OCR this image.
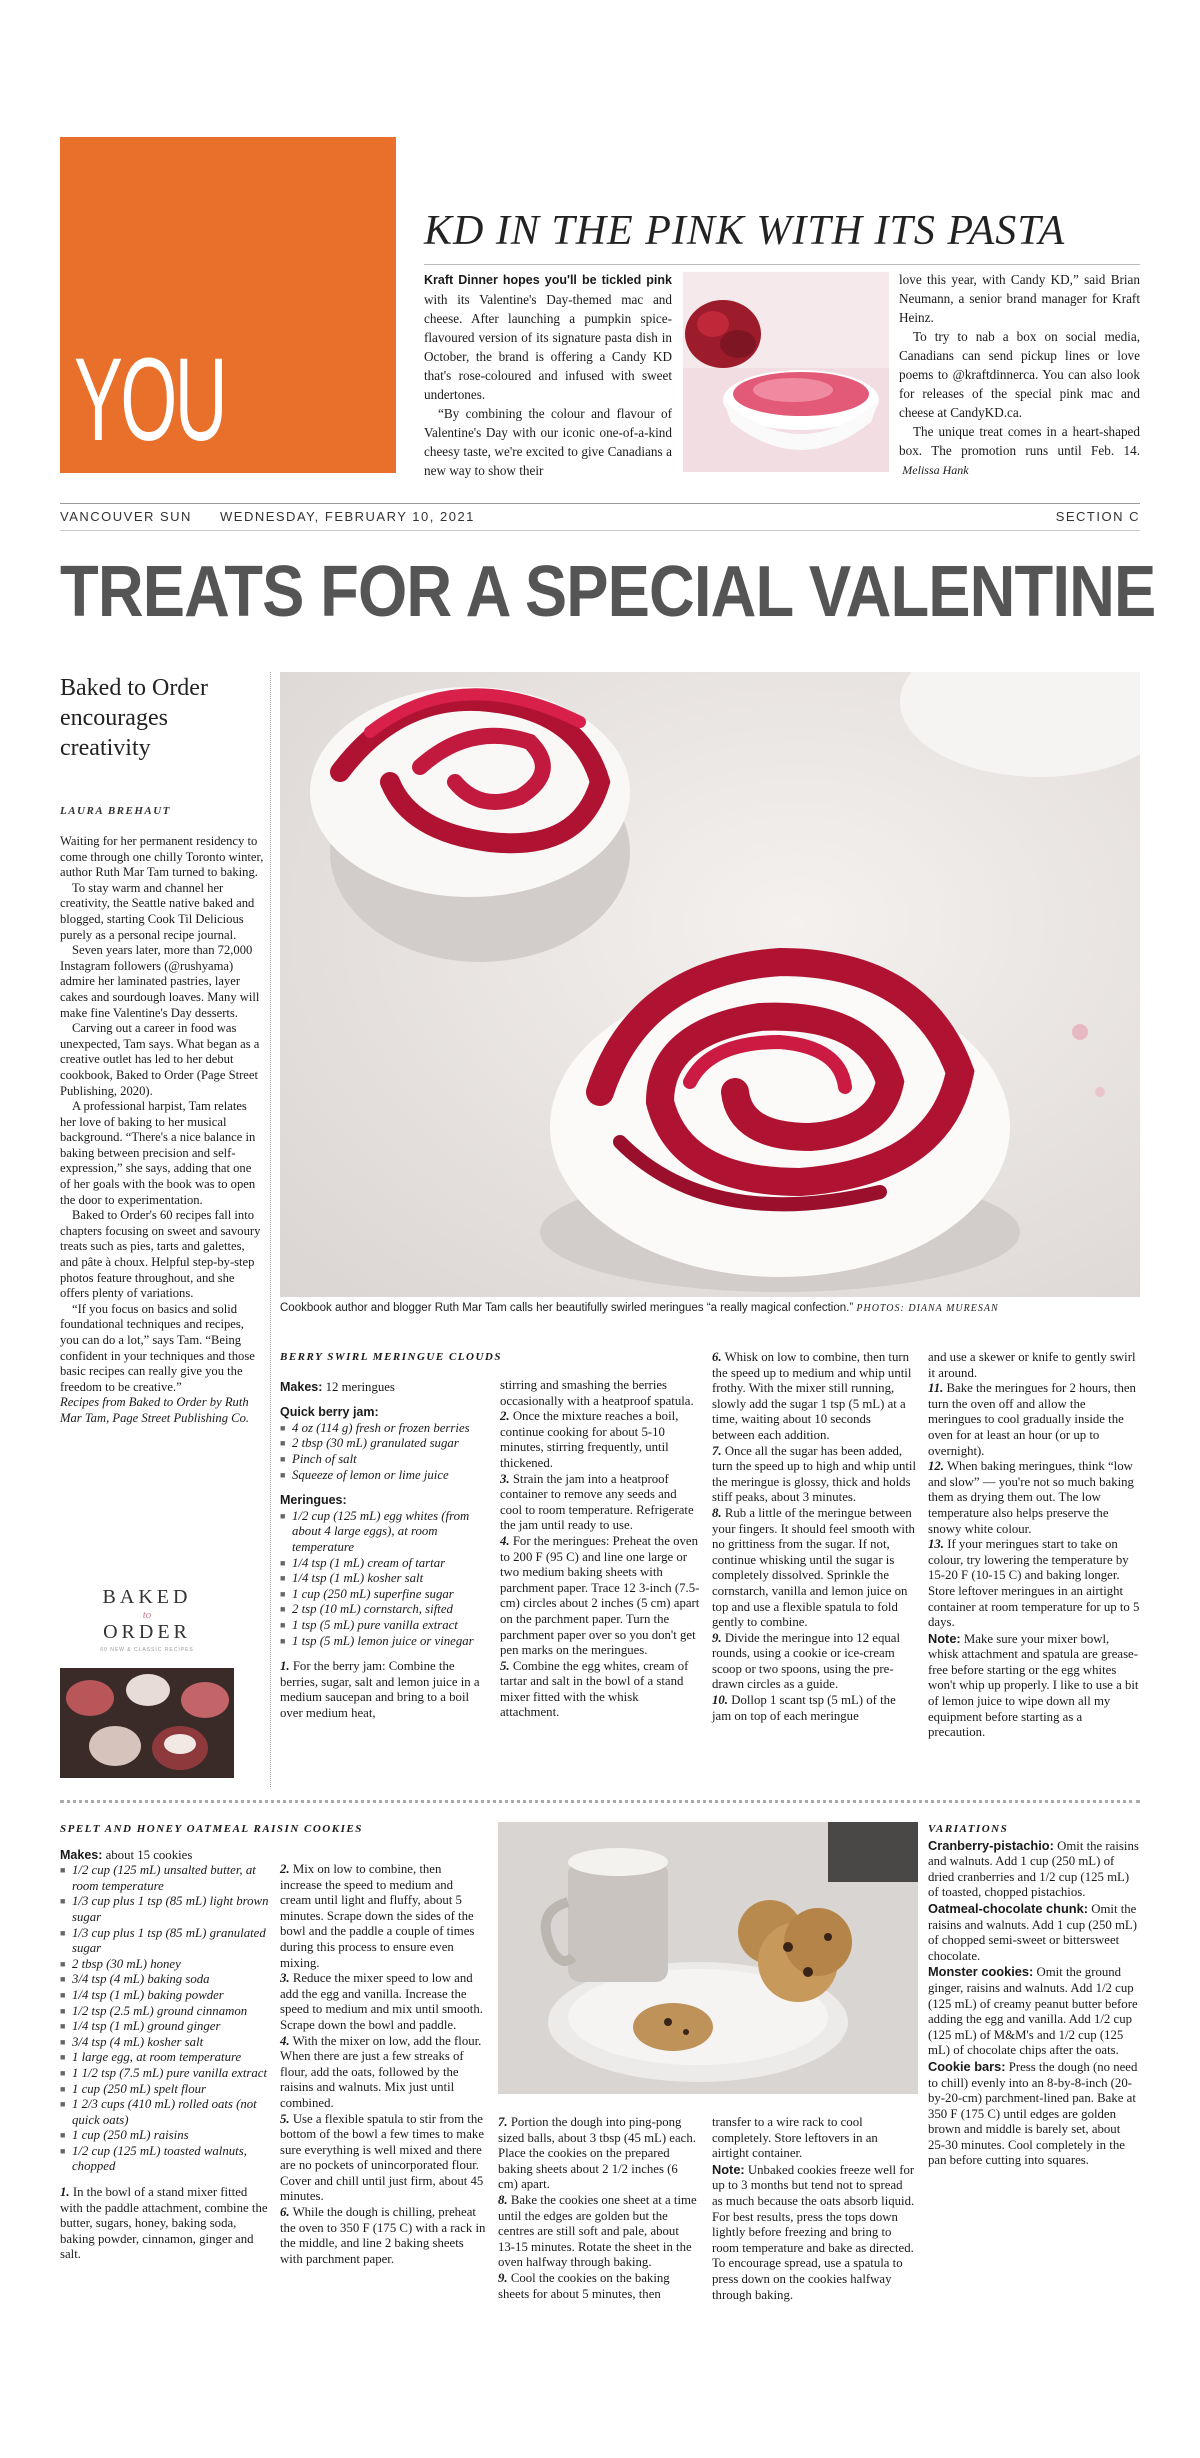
YOU
KD IN THE PINK WITH ITS PASTA

Kraft Dinner hopes you'll be tickled pink with its Valentine's Day-themed mac and cheese. After launching a pumpkin spice-flavoured version of its signature pasta dish in October, the brand is offering a Candy KD that's rose-coloured and infused with sweet undertones.

“By combining the colour and flavour of Valentine's Day with our iconic one-of-a-kind cheesy taste, we're excited to give Canadians a new way to show their

love this year, with Candy KD,” said Brian Neumann, a senior brand manager for Kraft Heinz.

To try to nab a box on social media, Canadians can send pickup lines or love poems to @kraftdinnerca. You can also look for releases of the special pink mac and cheese at CandyKD.ca.

The unique treat comes in a heart-shaped box. The promotion runs until Feb. 14.  Melissa Hank

VANCOUVER SUN WEDNESDAY, FEBRUARY 10, 2021	SECTION C
TREATS FOR A SPECIAL VALENTINE
Baked to Order encourages creativity
LAURA BREHAUT

Waiting for her permanent residency to come through one chilly Toronto winter, author Ruth Mar Tam turned to baking.

To stay warm and channel her creativity, the Seattle native baked and blogged, starting Cook Til Delicious purely as a personal recipe journal.

Seven years later, more than 72,000 Instagram followers (@rushyama) admire her laminated pastries, layer cakes and sourdough loaves. Many will make fine Valentine's Day desserts.

Carving out a career in food was unexpected, Tam says. What began as a creative outlet has led to her debut cookbook, Baked to Order (Page Street Publishing, 2020).

A professional harpist, Tam relates her love of baking to her musical background. “There's a nice balance in baking between precision and self-expression,” she says, adding that one of her goals with the book was to open the door to experimentation.

Baked to Order's 60 recipes fall into chapters focusing on sweet and savoury treats such as pies, tarts and galettes, and pâte à choux. Helpful step-by-step photos feature throughout, and she offers plenty of variations.

“If you focus on basics and solid foundational techniques and recipes, you can do a lot,” says Tam. “Being confident in your techniques and those basic recipes can really give you the freedom to be creative.”

Recipes from Baked to Order by Ruth Mar Tam, Page Street Publishing Co.

BAKED
to
ORDER
60 NEW & CLASSIC RECIPES
Cookbook author and blogger Ruth Mar Tam calls her beautifully swirled meringues “a really magical confection.” PHOTOS: DIANA MURESAN
BERRY SWIRL MERINGUE CLOUDS

Makes: 12 meringues

Quick berry jam:

■ 4 oz (114 g) fresh or frozen berries
■ 2 tbsp (30 mL) granulated sugar
■ Pinch of salt
■ Squeeze of lemon or lime juice

Meringues:

■ 1/2 cup (125 mL) egg whites (from about 4 large eggs), at room temperature
■ 1/4 tsp (1 mL) cream of tartar
■ 1/4 tsp (1 mL) kosher salt
■ 1 cup (250 mL) superfine sugar
■ 2 tsp (10 mL) cornstarch, sifted
■ 1 tsp (5 mL) pure vanilla extract
■ 1 tsp (5 mL) lemon juice or vinegar

1. For the berry jam: Combine the berries, sugar, salt and lemon juice in a medium saucepan and bring to a boil over medium heat,

stirring and smashing the berries occasionally with a heatproof spatula.

2. Once the mixture reaches a boil, continue cooking for about 5-10 minutes, stirring frequently, until thickened.

3. Strain the jam into a heatproof container to remove any seeds and cool to room temperature. Refrigerate the jam until ready to use.

4. For the meringues: Preheat the oven to 200 F (95 C) and line one large or two medium baking sheets with parchment paper. Trace 12 3-inch (7.5-cm) circles about 2 inches (5 cm) apart on the parchment paper. Turn the parchment paper over so you don't get pen marks on the meringues.

5. Combine the egg whites, cream of tartar and salt in the bowl of a stand mixer fitted with the whisk attachment.

6. Whisk on low to combine, then turn the speed up to medium and whip until frothy. With the mixer still running, slowly add the sugar 1 tsp (5 mL) at a time, waiting about 10 seconds between each addition.

7. Once all the sugar has been added, turn the speed up to high and whip until the meringue is glossy, thick and holds stiff peaks, about 3 minutes.

8. Rub a little of the meringue between your fingers. It should feel smooth with no grittiness from the sugar. If not, continue whisking until the sugar is completely dissolved. Sprinkle the cornstarch, vanilla and lemon juice on top and use a flexible spatula to fold gently to combine.

9. Divide the meringue into 12 equal rounds, using a cookie or ice-cream scoop or two spoons, using the pre-drawn circles as a guide.

10. Dollop 1 scant tsp (5 mL) of the jam on top of each meringue

and use a skewer or knife to gently swirl it around.

11. Bake the meringues for 2 hours, then turn the oven off and allow the meringues to cool gradually inside the oven for at least an hour (or up to overnight).

12. When baking meringues, think “low and slow” — you're not so much baking them as drying them out. The low temperature also helps preserve the snowy white colour.

13. If your meringues start to take on colour, try lowering the temperature by 15-20 F (10-15 C) and baking longer. Store leftover meringues in an airtight container at room temperature for up to 5 days.

Note: Make sure your mixer bowl, whisk attachment and spatula are grease-free before starting or the egg whites won't whip up properly. I like to use a bit of lemon juice to wipe down all my equipment before starting as a precaution.

SPELT AND HONEY OATMEAL RAISIN COOKIES

Makes: about 15 cookies

■ 1/2 cup (125 mL) unsalted butter, at room temperature
■ 1/3 cup plus 1 tsp (85 mL) light brown sugar
■ 1/3 cup plus 1 tsp (85 mL) granulated sugar
■ 2 tbsp (30 mL) honey
■ 3/4 tsp (4 mL) baking soda
■ 1/4 tsp (1 mL) baking powder
■ 1/2 tsp (2.5 mL) ground cinnamon
■ 1/4 tsp (1 mL) ground ginger
■ 3/4 tsp (4 mL) kosher salt
■ 1 large egg, at room temperature
■ 1 1/2 tsp (7.5 mL) pure vanilla extract
■ 1 cup (250 mL) spelt flour
■ 1 2/3 cups (410 mL) rolled oats (not quick oats)
■ 1 cup (250 mL) raisins
■ 1/2 cup (125 mL) toasted walnuts, chopped

1. In the bowl of a stand mixer fitted with the paddle attachment, combine the butter, sugars, honey, baking soda, baking powder, cinnamon, ginger and salt.

2. Mix on low to combine, then increase the speed to medium and cream until light and fluffy, about 5 minutes. Scrape down the sides of the bowl and the paddle a couple of times during this process to ensure even mixing.

3. Reduce the mixer speed to low and add the egg and vanilla. Increase the speed to medium and mix until smooth. Scrape down the bowl and paddle.

4. With the mixer on low, add the flour. When there are just a few streaks of flour, add the oats, followed by the raisins and walnuts. Mix just until combined.

5. Use a flexible spatula to stir from the bottom of the bowl a few times to make sure everything is well mixed and there are no pockets of unincorporated flour. Cover and chill until just firm, about 45 minutes.

6. While the dough is chilling, preheat the oven to 350 F (175 C) with a rack in the middle, and line 2 baking sheets with parchment paper.

7. Portion the dough into ping-pong sized balls, about 3 tbsp (45 mL) each. Place the cookies on the prepared baking sheets about 2 1/2 inches (6 cm) apart.

8. Bake the cookies one sheet at a time until the edges are golden but the centres are still soft and pale, about 13-15 minutes. Rotate the sheet in the oven halfway through baking.

9. Cool the cookies on the baking sheets for about 5 minutes, then

transfer to a wire rack to cool completely. Store leftovers in an airtight container.

Note: Unbaked cookies freeze well for up to 3 months but tend not to spread as much because the oats absorb liquid. For best results, press the tops down lightly before freezing and bring to room temperature and bake as directed. To encourage spread, use a spatula to press down on the cookies halfway through baking.

VARIATIONS

Cranberry-pistachio: Omit the raisins and walnuts. Add 1 cup (250 mL) of dried cranberries and 1/2 cup (125 mL) of toasted, chopped pistachios.

Oatmeal-chocolate chunk: Omit the raisins and walnuts. Add 1 cup (250 mL) of chopped semi-sweet or bittersweet chocolate.

Monster cookies: Omit the ground ginger, raisins and walnuts. Add 1/2 cup (125 mL) of creamy peanut butter before adding the egg and vanilla. Add 1/2 cup (125 mL) of M&M's and 1/2 cup (125 mL) of chocolate chips after the oats.

Cookie bars: Press the dough (no need to chill) evenly into an 8-by-8-inch (20-by-20-cm) parchment-lined pan. Bake at 350 F (175 C) until edges are golden brown and middle is barely set, about 25-30 minutes. Cool completely in the pan before cutting into squares.
